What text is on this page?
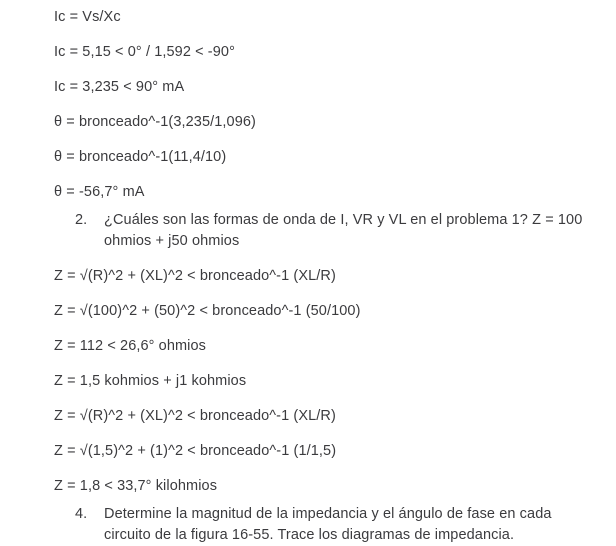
Ic = Vs/Xc
Ic = 5,15 < 0° / 1,592 < -90°
Ic = 3,235 < 90° mA
θ = bronceado^-1(3,235/1,096)
θ = bronceado^-1(11,4/10)
θ = -56,7° mA
2.	¿Cuáles son las formas de onda de I, VR y VL en el problema 1? Z = 100 ohmios + j50 ohmios
Z = √(R)^2 + (XL)^2 < bronceado^-1 (XL/R)
Z = √(100)^2 + (50)^2 < bronceado^-1 (50/100)
Z = 112 < 26,6° ohmios
Z = 1,5 kohmios + j1 kohmios
Z = √(R)^2 + (XL)^2 < bronceado^-1 (XL/R)
Z = √(1,5)^2 + (1)^2 < bronceado^-1 (1/1,5)
Z = 1,8 < 33,7° kilohmios
4.	Determine la magnitud de la impedancia y el ángulo de fase en cada circuito de la figura 16-55. Trace los diagramas de impedancia.
